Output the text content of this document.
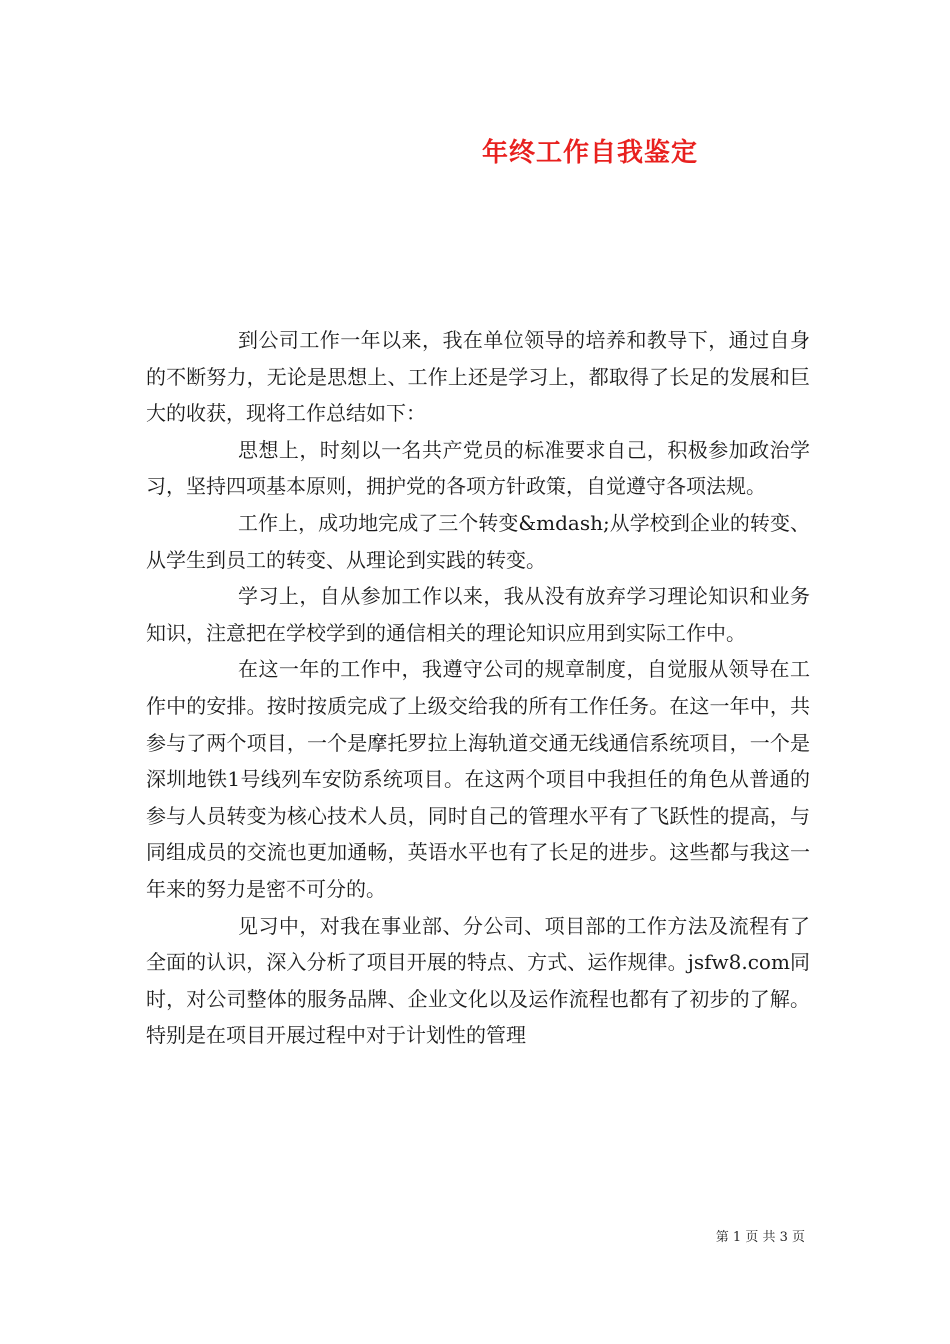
年终工作自我鉴定

到公司工作一年以来，我在单位领导的培养和教导下，通过自身的不断努力，无论是思想上、工作上还是学习上，都取得了长足的发展和巨大的收获，现将工作总结如下：

思想上，时刻以一名共产党员的标准要求自己，积极参加政治学习，坚持四项基本原则，拥护党的各项方针政策，自觉遵守各项法规。

工作上，成功地完成了三个转变&mdash;从学校到企业的转变、从学生到员工的转变、从理论到实践的转变。

学习上，自从参加工作以来，我从没有放弃学习理论知识和业务知识，注意把在学校学到的通信相关的理论知识应用到实际工作中。

在这一年的工作中，我遵守公司的规章制度，自觉服从领导在工作中的安排。按时按质完成了上级交给我的所有工作任务。在这一年中，共参与了两个项目，一个是摩托罗拉上海轨道交通无线通信系统项目，一个是深圳地铁1号线列车安防系统项目。在这两个项目中我担任的角色从普通的参与人员转变为核心技术人员，同时自己的管理水平有了飞跃性的提高，与同组成员的交流也更加通畅，英语水平也有了长足的进步。这些都与我这一年来的努力是密不可分的。

见习中，对我在事业部、分公司、项目部的工作方法及流程有了全面的认识，深入分析了项目开展的特点、方式、运作规律。jsfw8.com同时，对公司整体的服务品牌、企业文化以及运作流程也都有了初步的了解。特别是在项目开展过程中对于计划性的管理

第 1 页 共 3 页
